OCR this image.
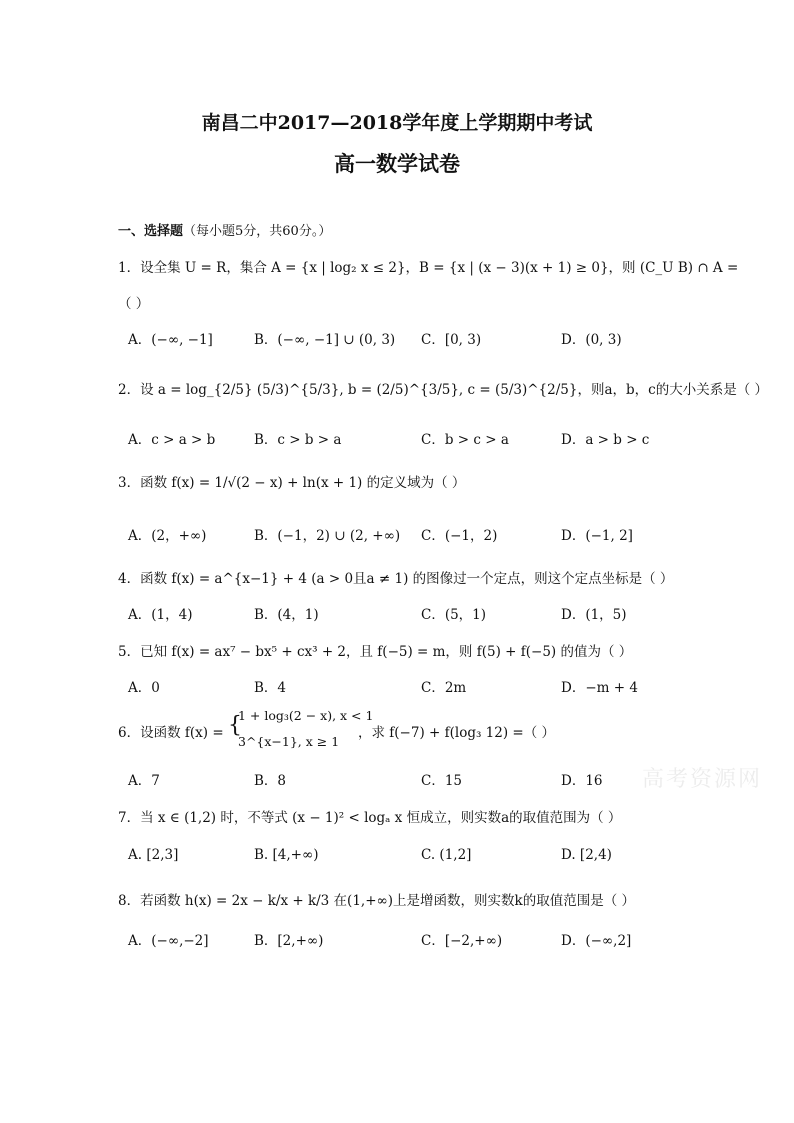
南昌二中2017—2018学年度上学期期中考试
高一数学试卷
一、选择题（每小题5分，共60分。）
1．设全集 U = R，集合 A = {x | log₂ x ≤ 2}，B = {x | (x − 3)(x + 1) ≥ 0}，则 (C_U B) ∩ A =
（ ）
A．(−∞, −1]	B．(−∞, −1] ∪ (0, 3) C．[0, 3)	D．(0, 3)
2．设 a = log_{2/5} (5/3)^{5/3}, b = (2/5)^{3/5}, c = (5/3)^{2/5}，则a，b，c的大小关系是（ ）
A．c > a > b	B．c > b > a	C．b > c > a	D．a > b > c
3．函数 f(x) = 1/√(2 − x) + ln(x + 1) 的定义域为（ ）
A．(2，+∞)	B．(−1，2) ∪ (2, +∞) C．(−1，2)	D．(−1, 2]
4．函数 f(x) = a^{x−1} + 4 (a > 0且a ≠ 1) 的图像过一个定点，则这个定点坐标是（ ）
A．(1，4)	B．(4，1)	C．(5，1)	D．(1，5)
5．已知 f(x) = ax⁷ − bx⁵ + cx³ + 2，且 f(−5) = m，则 f(5) + f(−5) 的值为（ ）
A．0	B．4	C．2m	D．−m + 4
6．设函数 f(x) = {
1 + log₃(2 − x), x < 1
3^{x−1}, x ≥ 1
，求 f(−7) + f(log₃ 12) =（ ）
A．7	B．8	C．15	D．16
7．当 x ∈ (1,2) 时，不等式 (x − 1)² < logₐ x 恒成立，则实数a的取值范围为（ ）
A. [2,3]	B. [4,+∞)	C. (1,2]	D. [2,4)
8．若函数 h(x) = 2x − k/x + k/3 在(1,+∞)上是增函数，则实数k的取值范围是（ ）
A．(−∞,−2]	B．[2,+∞)	C．[−2,+∞)	D．(−∞,2]
高考资源网
